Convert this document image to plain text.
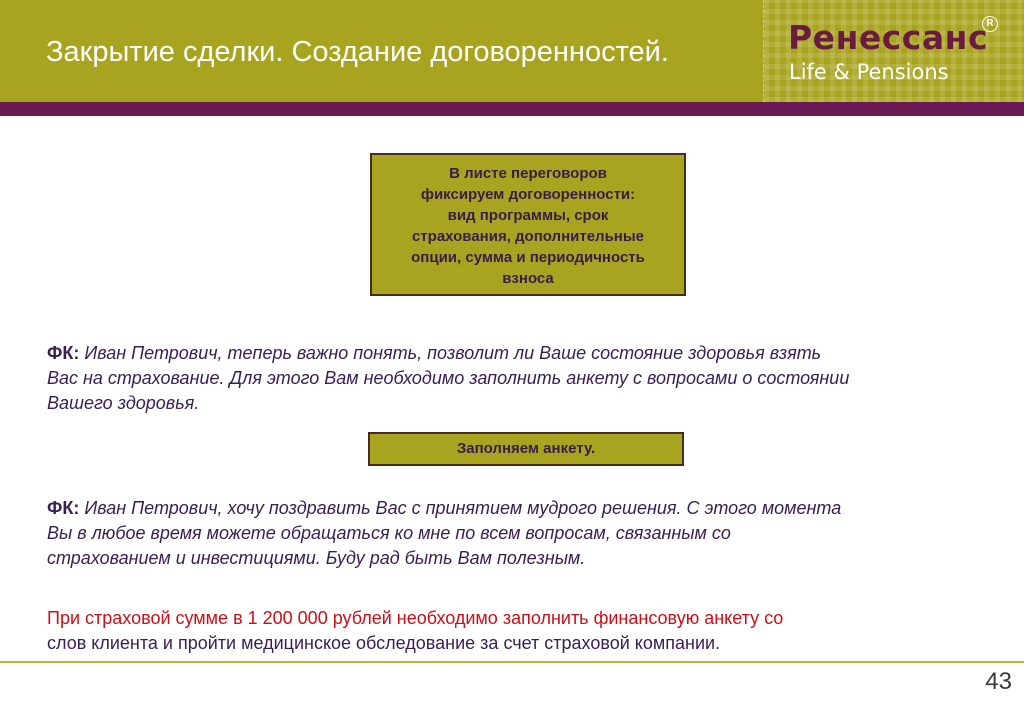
Закрытие сделки. Создание договоренностей.	Ренессанс
R
Life & Pensions
В листе переговоров
фиксируем договоренности:
вид программы, срок
страхования, дополнительные
опции, сумма и периодичность
взноса
ФК: Иван Петрович, теперь важно понять, позволит ли Ваше состояние здоровья взять
Вас на страхование. Для этого Вам необходимо заполнить анкету с вопросами о состоянии
Вашего здоровья.
Заполняем анкету.
ФК: Иван Петрович, хочу поздравить Вас с принятием мудрого решения. С этого момента
Вы в любое время можете обращаться ко мне по всем вопросам, связанным со
страхованием и инвестициями. Буду рад быть Вам полезным.
При страховой сумме в 1 200 000 рублей необходимо заполнить финансовую анкету со
слов клиента и пройти медицинское обследование за счет страховой компании.
43
